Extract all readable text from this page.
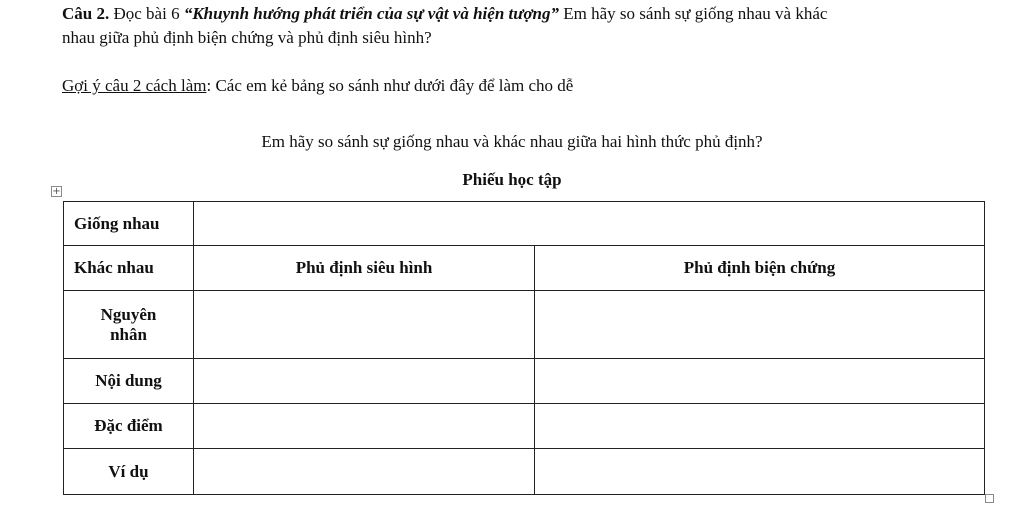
Câu 2. Đọc bài 6 “Khuynh hướng phát triển của sự vật và hiện tượng” Em hãy so sánh sự giống nhau và khác
nhau giữa phủ định biện chứng và phủ định siêu hình?
Gợi ý câu 2 cách làm: Các em kẻ bảng so sánh như dưới đây để làm cho dễ
Em hãy so sánh sự giống nhau và khác nhau giữa hai hình thức phủ định?
Phiếu học tập
+
Giống nhau		
Khác nhau	Phủ định siêu hình	Phủ định biện chứng

Nguyên nhân		

Nội dung		
Đặc điểm		
Ví dụ		
